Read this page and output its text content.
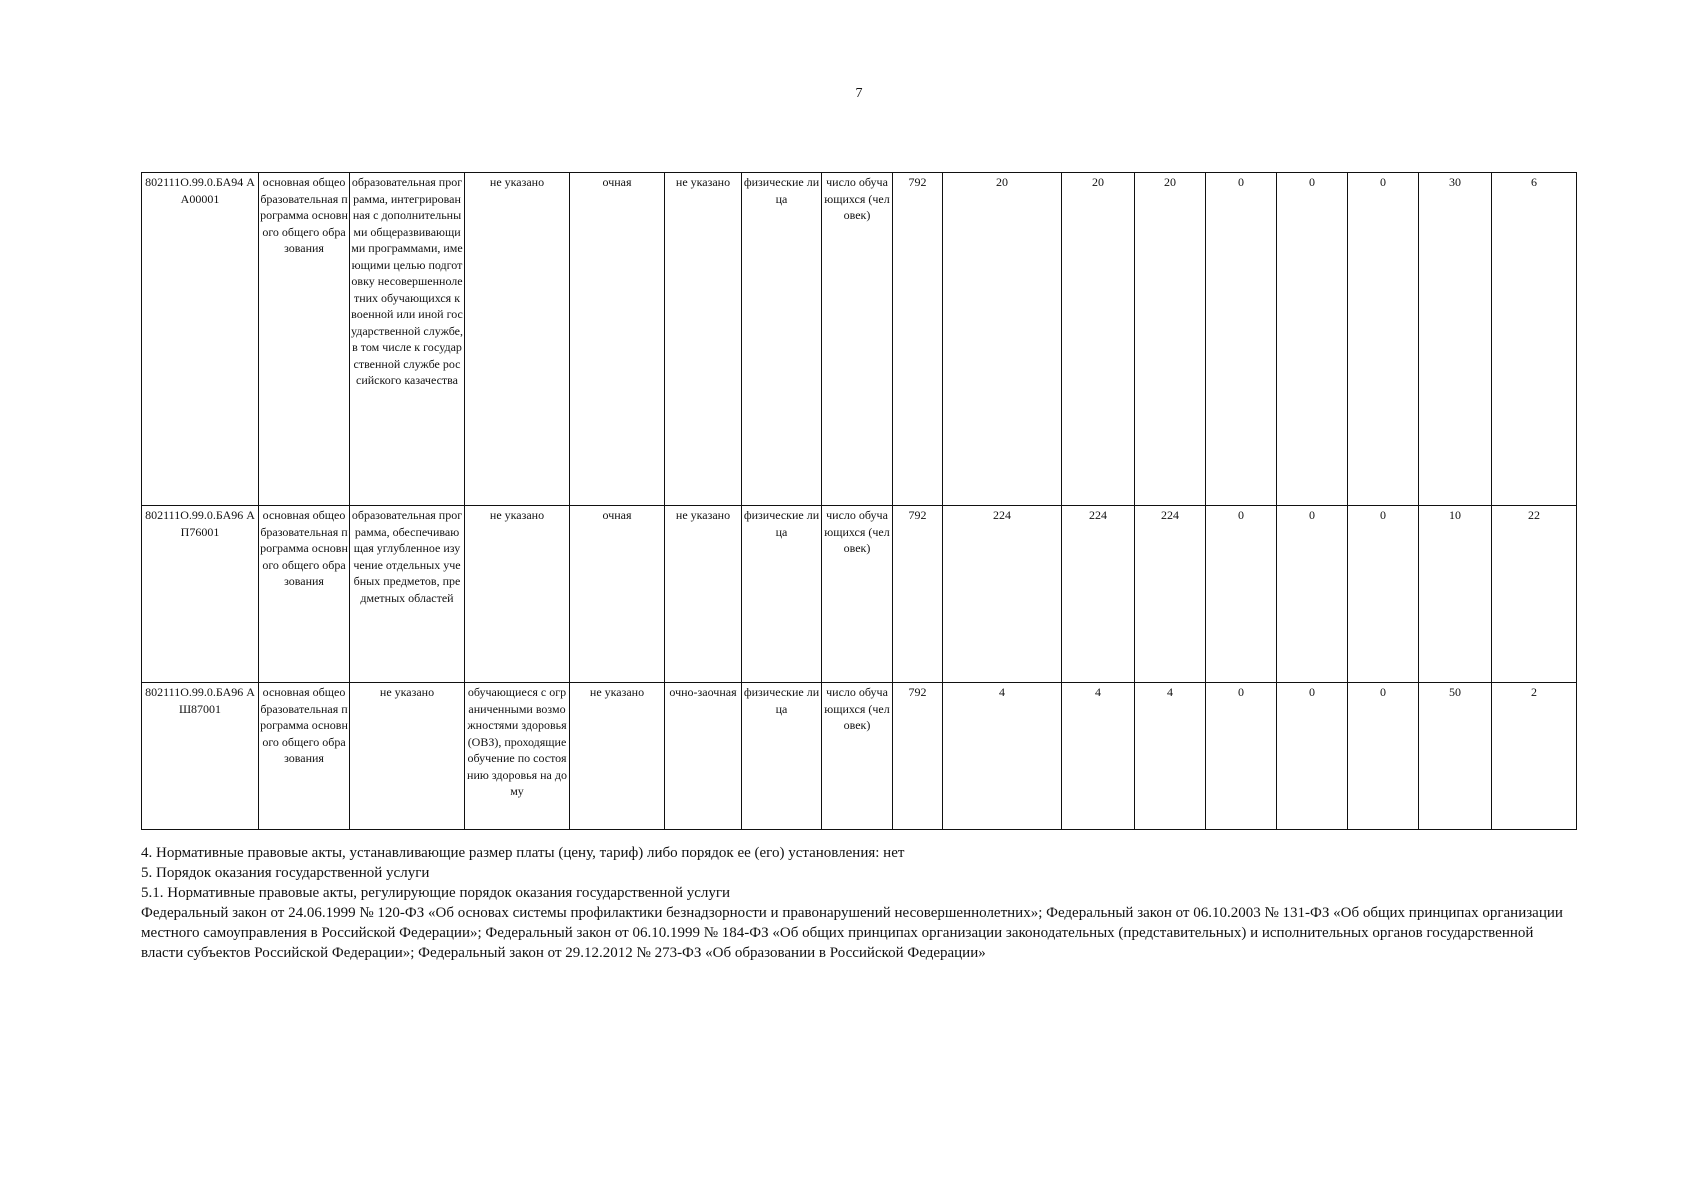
7
802111О.99.0.БА94 АА00001	основная общеобразовательная программа основного общего образования	образовательная программа, интегрированная с дополнительными общеразвивающими программами, имеющими целью подготовку несовершеннолетних обучающихся к военной или иной государственной службе, в том числе к государственной службе российского казачества	не указано	очная	не указано	физические лица	число обучающихся (человек)	792	20	20	20	0	0	0	30	6
802111О.99.0.БА96 АП76001	основная общеобразовательная программа основного общего образования	образовательная программа, обеспечивающая углубленное изучение отдельных учебных предметов, предметных областей	не указано	очная	не указано	физические лица	число обучающихся (человек)	792	224	224	224	0	0	0	10	22
802111О.99.0.БА96 АШ87001	основная общеобразовательная программа основного общего образования	не указано	обучающиеся с ограниченными возможностями здоровья (ОВЗ), проходящие обучение по состоянию здоровья на дому	не указано	очно-заочная	физические лица	число обучающихся (человек)	792	4	4	4	0	0	0	50	2

4. Нормативные правовые акты, устанавливающие размер платы (цену, тариф) либо порядок ее (его) установления: нет

5. Порядок оказания государственной услуги

5.1. Нормативные правовые акты, регулирующие порядок оказания государственной услуги

Федеральный закон от 24.06.1999 № 120-ФЗ «Об основах системы профилактики безнадзорности и правонарушений несовершеннолетних»; Федеральный закон от 06.10.2003 № 131-ФЗ «Об общих принципах организации местного самоуправления в Российской Федерации»; Федеральный закон от 06.10.1999 № 184-ФЗ «Об общих принципах организации законодательных (представительных) и исполнительных органов государственной власти субъектов Российской Федерации»; Федеральный закон от 29.12.2012 № 273-ФЗ «Об образовании в Российской Федерации»
